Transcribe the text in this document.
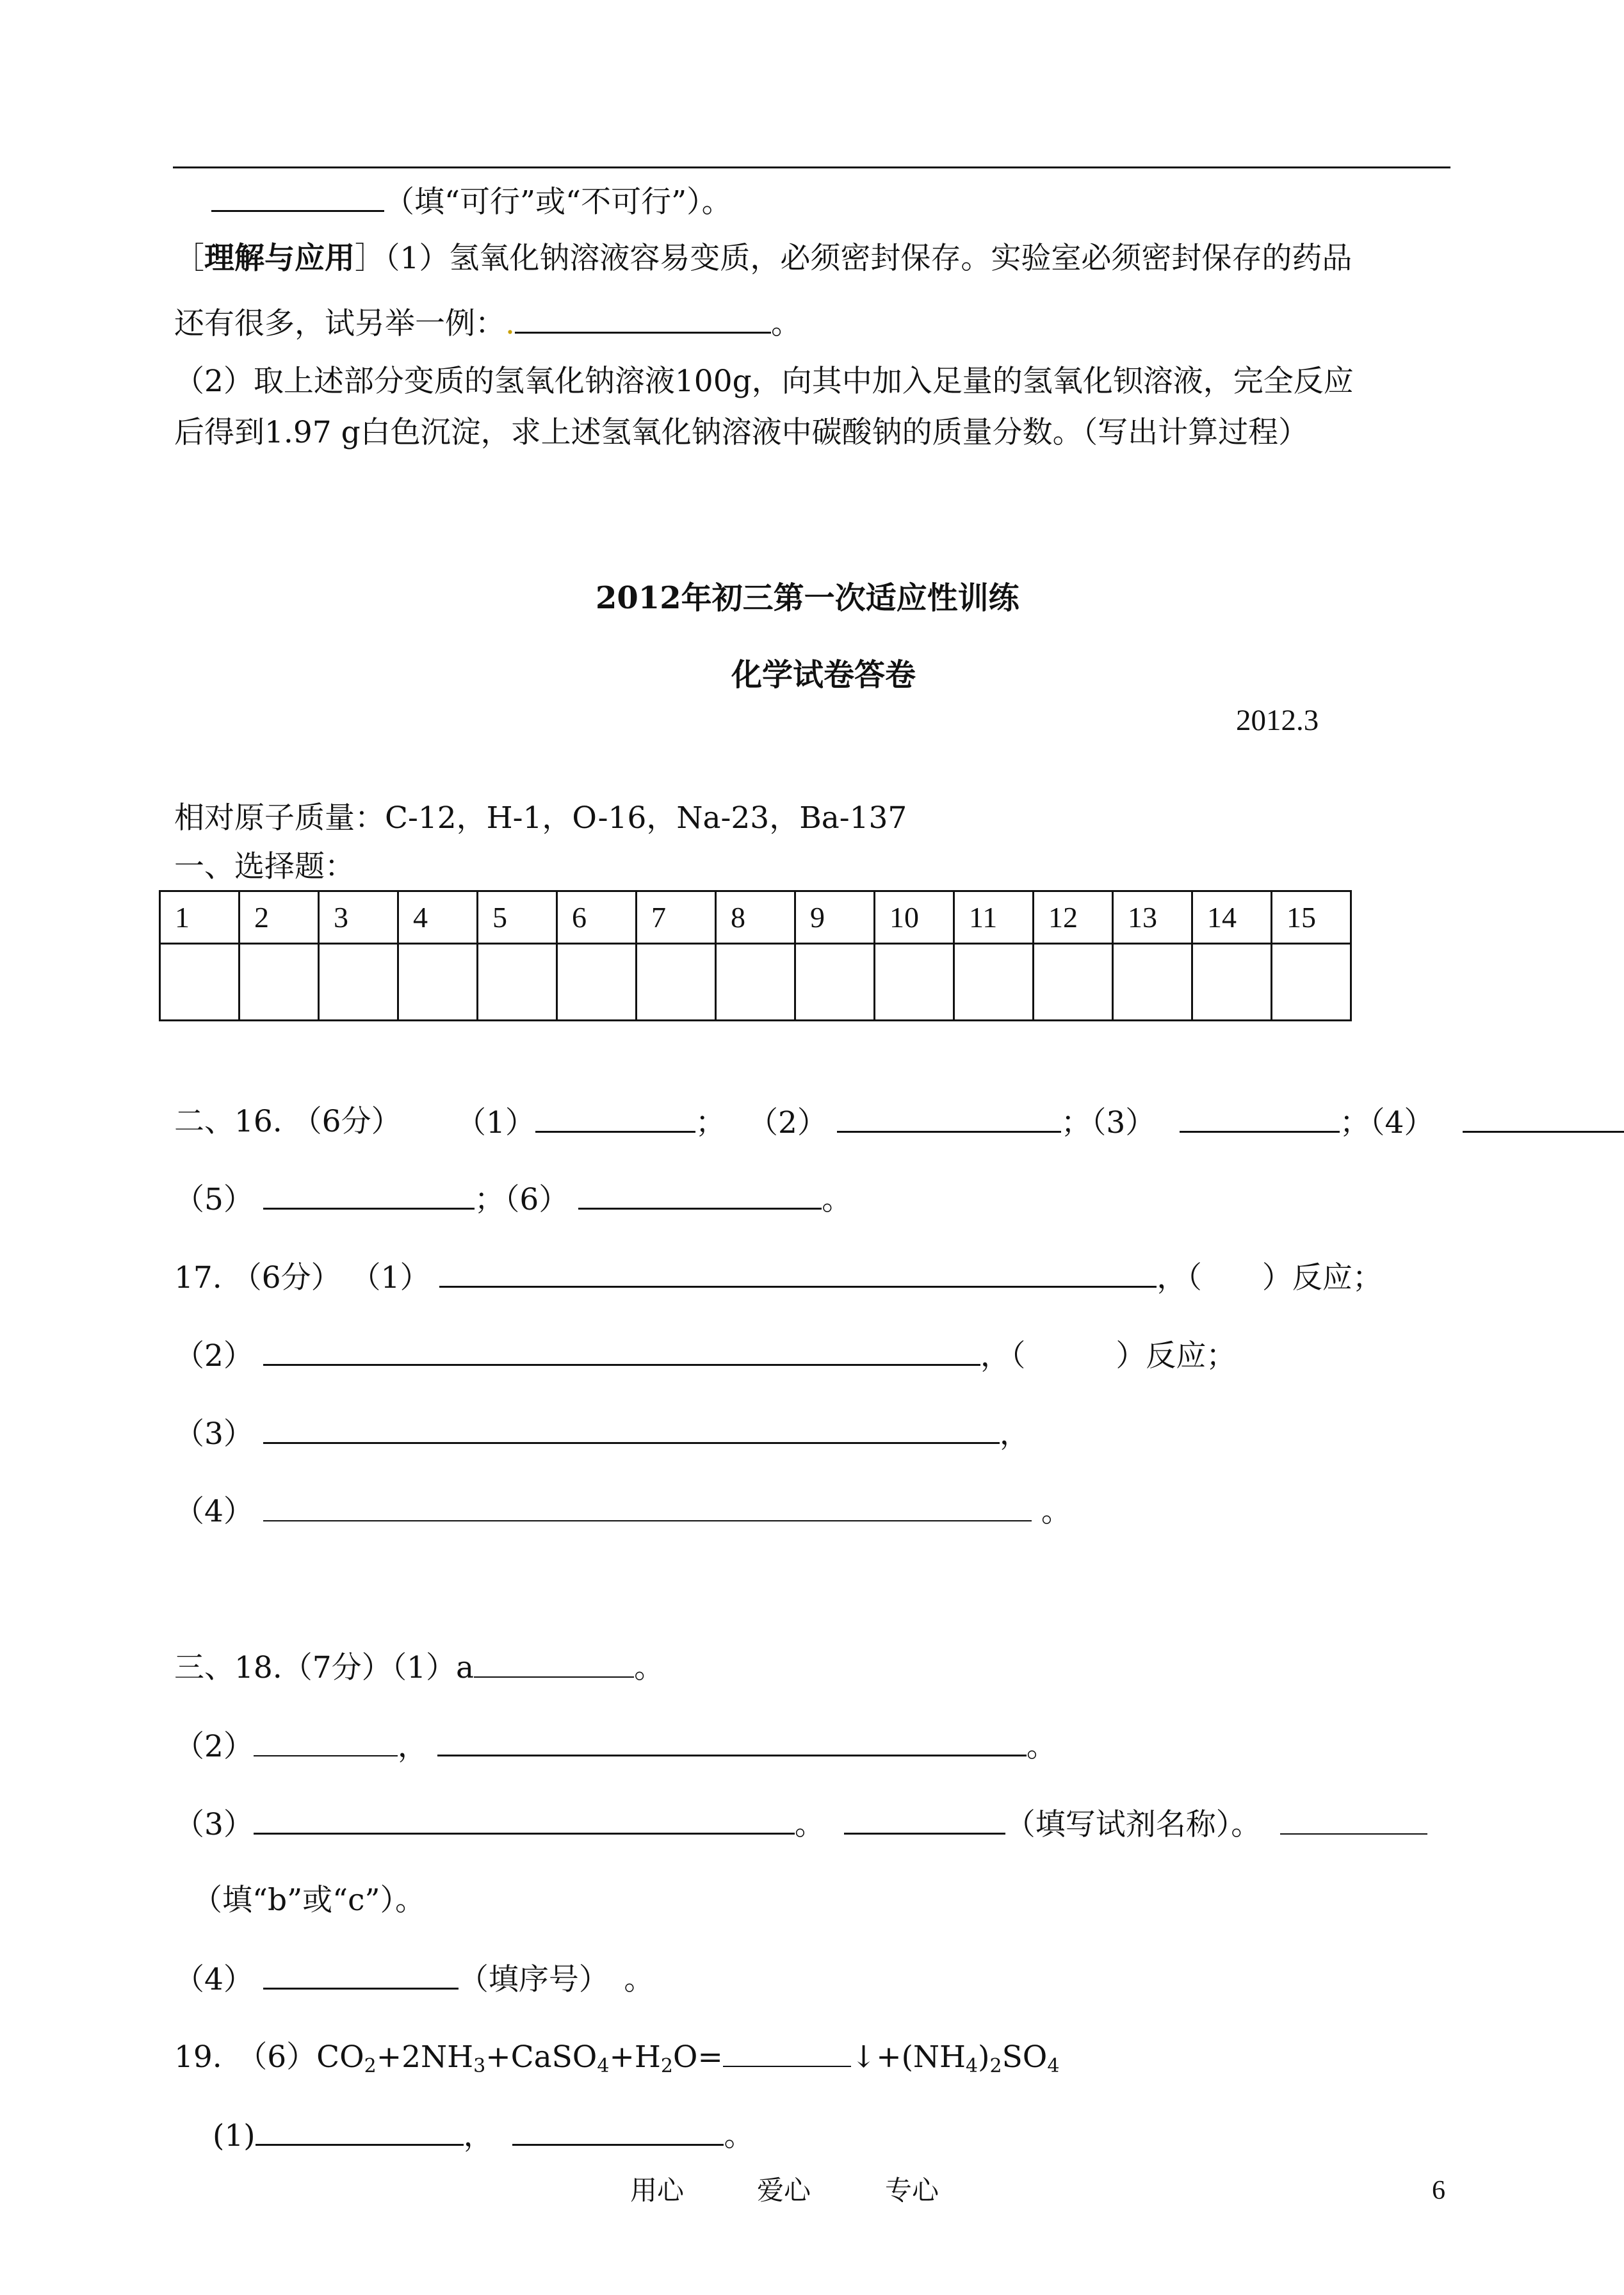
（填“可行”或“不可行”）。
［理解与应用］（1）氢氧化钠溶液容易变质，必须密封保存。实验室必须密封保存的药品
还有很多，试另举一例：.	。
（2）取上述部分变质的氢氧化钠溶液100g，向其中加入足量的氢氧化钡溶液，完全反应
后得到1.97 g白色沉淀，求上述氢氧化钠溶液中碳酸钠的质量分数。（写出计算过程）
2012年初三第一次适应性训练
化学试卷答卷
2012.3
相对原子质量：C-12，H-1，O-16，Na-23，Ba-137
一、选择题：
1	2	3	4	5	6	7	8	9	10	11	12	13	14	15

二、16. （6分） （1）	； （2）	；（3）	；（4）
（5）	；（6）	。
17. （6分） （1）	，（　　）反应；
（2）	，（　　　）反应；
（3）	，
（4）	。
三、18.（7分）（1）a	。
（2）	，	。
（3）	。	（填写试剂名称）。
（填“b”或“c”）。
（4）	（填序号）　。
19.　$(6)CO_2+2NH_3+CaSO_4+H_2O=$	$↓+(NH_4)_2SO_4$
(1)	，	。
用心	爱心	专心	6
